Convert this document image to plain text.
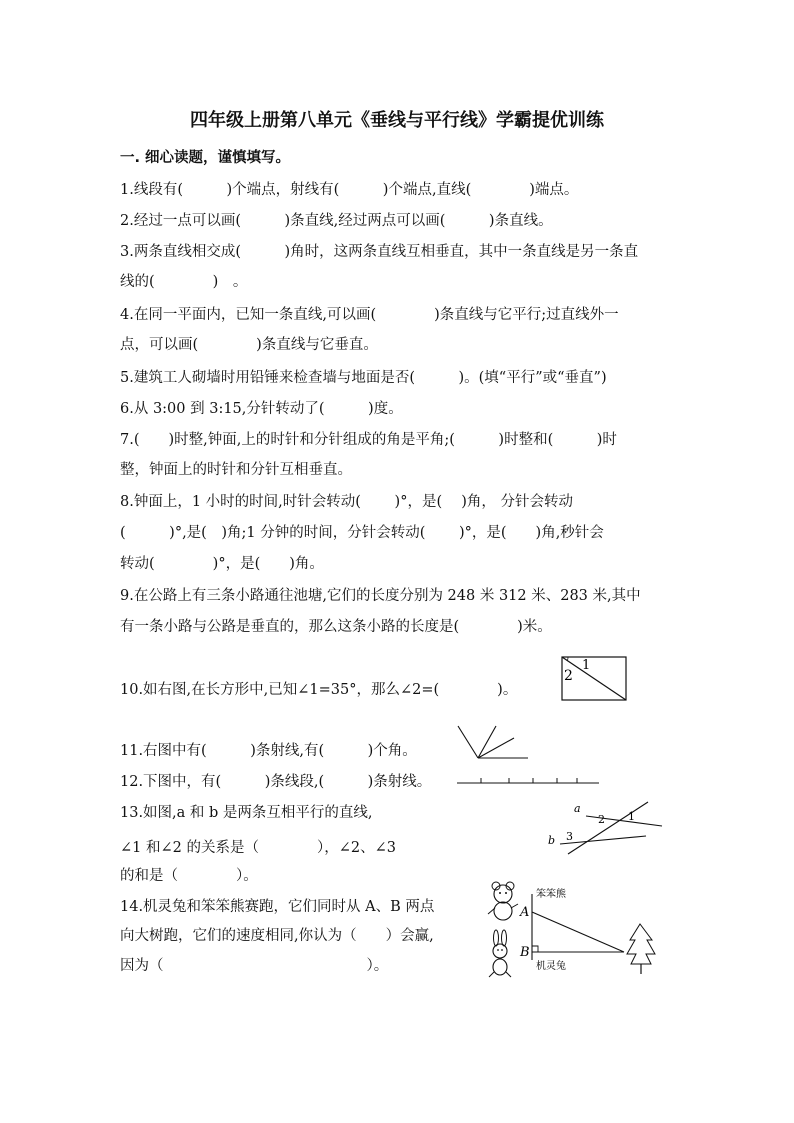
四年级上册第八单元《垂线与平行线》学霸提优训练
一. 细心读题，谨慎填写。
1.线段有(　　　)个端点，射线有(　　　)个端点,直线(　　　　)端点。
2.经过一点可以画(　　　)条直线,经过两点可以画(　　　)条直线。
3.两条直线相交成(　　　)角时，这两条直线互相垂直，其中一条直线是另一条直
线的(　　　　)　。
4.在同一平面内，已知一条直线,可以画(　　　　)条直线与它平行;过直线外一
点，可以画(　　　　)条直线与它垂直。
5.建筑工人砌墙时用铅锤来检查墙与地面是否(　　　)。(填“平行”或“垂直”)
6.从 3:00 到 3:15,分针转动了(　　　)度。
7.(　　)时整,钟面,上的时针和分针组成的角是平角;(　　　)时整和(　　　)时
整，钟面上的时针和分针互相垂直。
8.钟面上，1 小时的时间,时针会转动(　　 )°，是(　 )角， 分针会转动
(　　　)°,是(　)角;1 分钟的时间，分针会转动(　　 )°，是(　　)角,秒针会
转动(　　　　)°，是(　　)角。
9.在公路上有三条小路通往池塘,它们的长度分别为 248 米 312 米、283 米,其中
有一条小路与公路是垂直的，那么这条小路的长度是(　　　　)米。
10.如右图,在长方形中,已知∠1=35°，那么∠2=(　　　　)。
11.右图中有(　　　)条射线,有(　　　)个角。
12.下图中，有(　　　)条线段,(　　　)条射线。
13.如图,a 和 b 是两条互相平行的直线,
∠1 和∠2 的关系是（　　　　），∠2、∠3
的和是（　　　　）。
14.机灵兔和笨笨熊赛跑，它们同时从 A、B 两点
向大树跑，它们的速度相同,你认为（　　）会赢,
因为（　　　　　　　　　　　　　　）。
1
2
a
b
2 1
3
A
B
笨笨熊
机灵兔
